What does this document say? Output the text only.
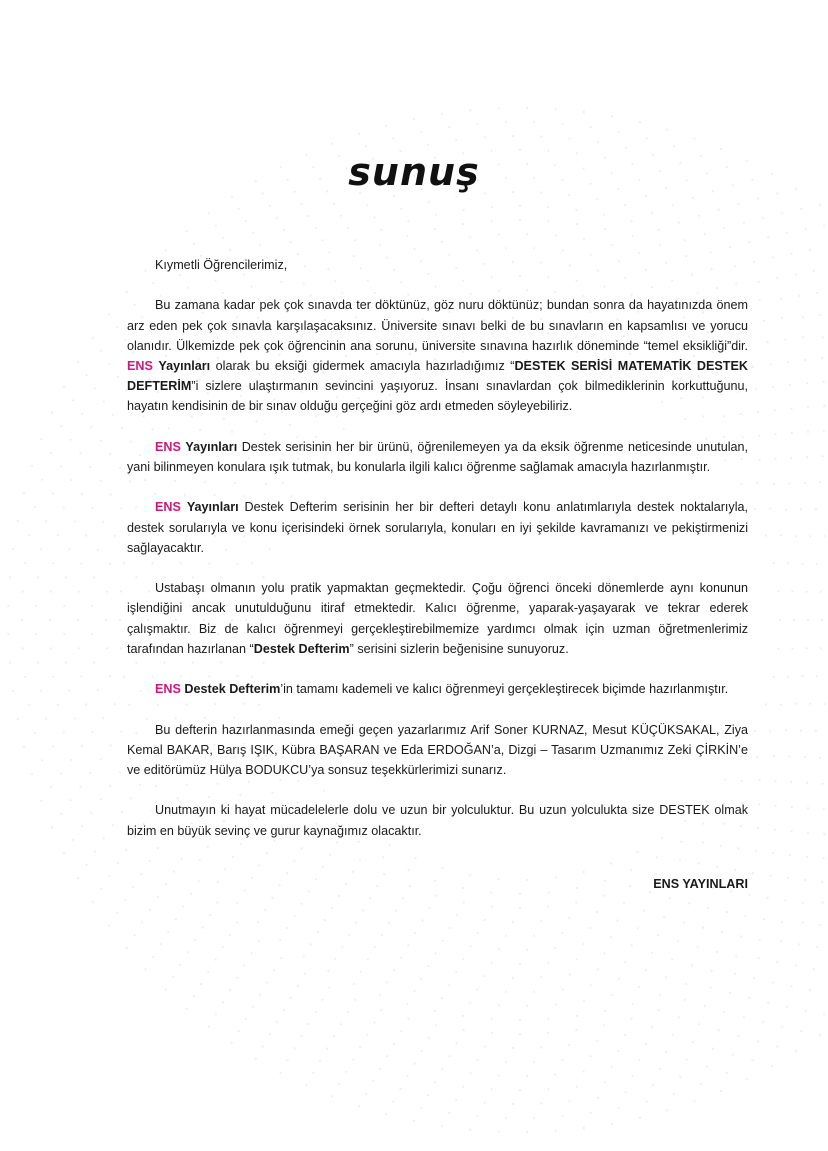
sunuş

Kıymetli Öğrencilerimiz,

Bu zamana kadar pek çok sınavda ter döktünüz, göz nuru döktünüz; bundan sonra da hayatınızda önem arz eden pek çok sınavla karşılaşacaksınız. Üniversite sınavı belki de bu sınavların en kapsamlısı ve yorucu olanıdır. Ülkemizde pek çok öğrencinin ana sorunu, üniversite sınavına hazırlık döneminde “temel eksikliği”dir. ENS Yayınları olarak bu eksiği gidermek amacıyla hazırladığımız “DESTEK SERİSİ MATEMATİK DESTEK DEFTERİM”i sizlere ulaştırmanın sevincini yaşıyoruz. İnsanı sınavlardan çok bilmediklerinin korkuttuğunu, hayatın kendisinin de bir sınav olduğu gerçeğini göz ardı etmeden söyleyebiliriz.

ENS Yayınları Destek serisinin her bir ürünü, öğrenilemeyen ya da eksik öğrenme neticesinde unutulan, yani bilinmeyen konulara ışık tutmak, bu konularla ilgili kalıcı öğrenme sağlamak amacıyla hazırlanmıştır.

ENS Yayınları Destek Defterim serisinin her bir defteri detaylı konu anlatımlarıyla destek noktalarıyla, destek sorularıyla ve konu içerisindeki örnek sorularıyla, konuları en iyi şekilde kavramanızı ve pekiştirmenizi sağlayacaktır.

Ustabaşı olmanın yolu pratik yapmaktan geçmektedir. Çoğu öğrenci önceki dönemlerde aynı konunun işlendiğini ancak unutulduğunu itiraf etmektedir. Kalıcı öğrenme, yaparak-yaşayarak ve tekrar ederek çalışmaktır. Biz de kalıcı öğrenmeyi gerçekleştirebilmemize yardımcı olmak için uzman öğretmenlerimiz tarafından hazırlanan “Destek Defterim” serisini sizlerin beğenisine sunuyoruz.

ENS Destek Defterim’in tamamı kademeli ve kalıcı öğrenmeyi gerçekleştirecek biçimde hazırlanmıştır.

Bu defterin hazırlanmasında emeği geçen yazarlarımız Arif Soner KURNAZ, Mesut KÜÇÜKSAKAL, Ziya Kemal BAKAR, Barış IŞIK, Kübra BAŞARAN ve Eda ERDOĞAN’a, Dizgi – Tasarım Uzmanımız Zeki ÇİRKİN’e ve editörümüz Hülya BODUKCU’ya sonsuz teşekkürlerimizi sunarız.

Unutmayın ki hayat mücadelelerle dolu ve uzun bir yolculuktur. Bu uzun yolculukta size DESTEK olmak bizim en büyük sevinç ve gurur kaynağımız olacaktır.

ENS YAYINLARI
